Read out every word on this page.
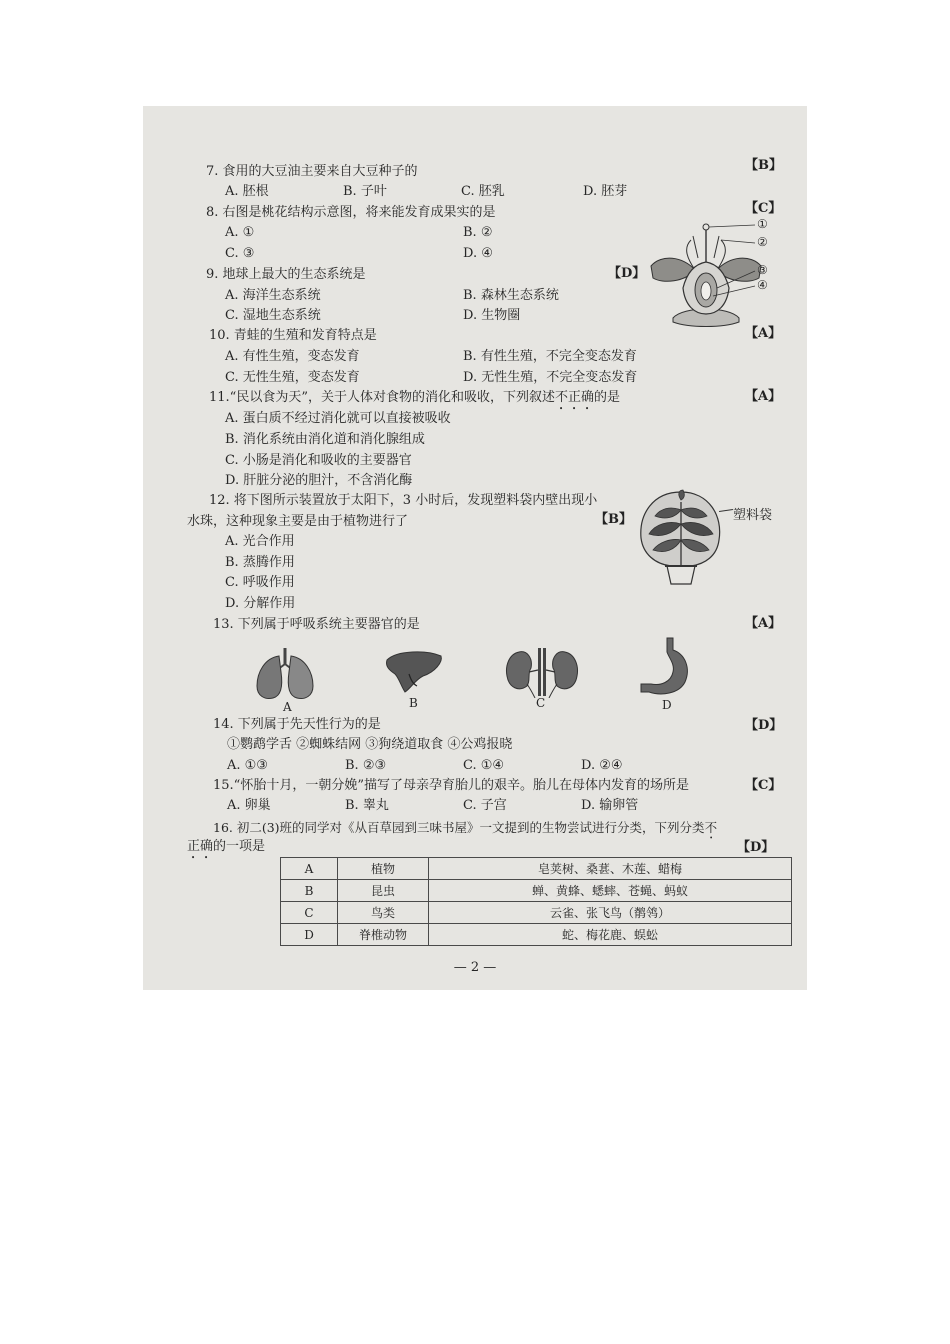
7. 食用的大豆油主要来自大豆种子的	【B】
A. 胚根	B. 子叶	C. 胚乳	D. 胚芽
8. 右图是桃花结构示意图，将来能发育成果实的是	【C】
A. ①	B. ②
C. ③	D. ④
①
②
③
④
9. 地球上最大的生态系统是	【D】
A. 海洋生态系统	B. 森林生态系统
C. 湿地生态系统	D. 生物圈
10. 青蛙的生殖和发育特点是	【A】
A. 有性生殖，变态发育	B. 有性生殖，不完全变态发育
C. 无性生殖，变态发育	D. 无性生殖，不完全变态发育
11.“民以食为天”，关于人体对食物的消化和吸收，下列叙述不正确的是	【A】
A. 蛋白质不经过消化就可以直接被吸收
B. 消化系统由消化道和消化腺组成
C. 小肠是消化和吸收的主要器官
D. 肝脏分泌的胆汁，不含消化酶
12. 将下图所示装置放于太阳下，3 小时后，发现塑料袋内壁出现小
水珠，这种现象主要是由于植物进行了	【B】
A. 光合作用
B. 蒸腾作用
C. 呼吸作用
D. 分解作用
塑料袋
13. 下列属于呼吸系统主要器官的是	【A】
A	B	C	D
14. 下列属于先天性行为的是	【D】
①鹦鹉学舌 ②蜘蛛结网 ③狗绕道取食 ④公鸡报晓
A. ①③	B. ②③	C. ①④	D. ②④
15.“怀胎十月，一朝分娩”描写了母亲孕育胎儿的艰辛。胎儿在母体内发育的场所是	【C】
A. 卵巢	B. 睾丸	C. 子宫	D. 输卵管
16. 初二(3)班的同学对《从百草园到三味书屋》一文提到的生物尝试进行分类，下列分类不
正确的一项是	【D】
A	植物	皂荚树、桑葚、木莲、蜡梅
B	昆虫	蝉、黄蜂、蟋蟀、苍蝇、蚂蚁
C	鸟类	云雀、张飞鸟（鹡鸰）
D	脊椎动物	蛇、梅花鹿、蜈蚣
— 2 —
